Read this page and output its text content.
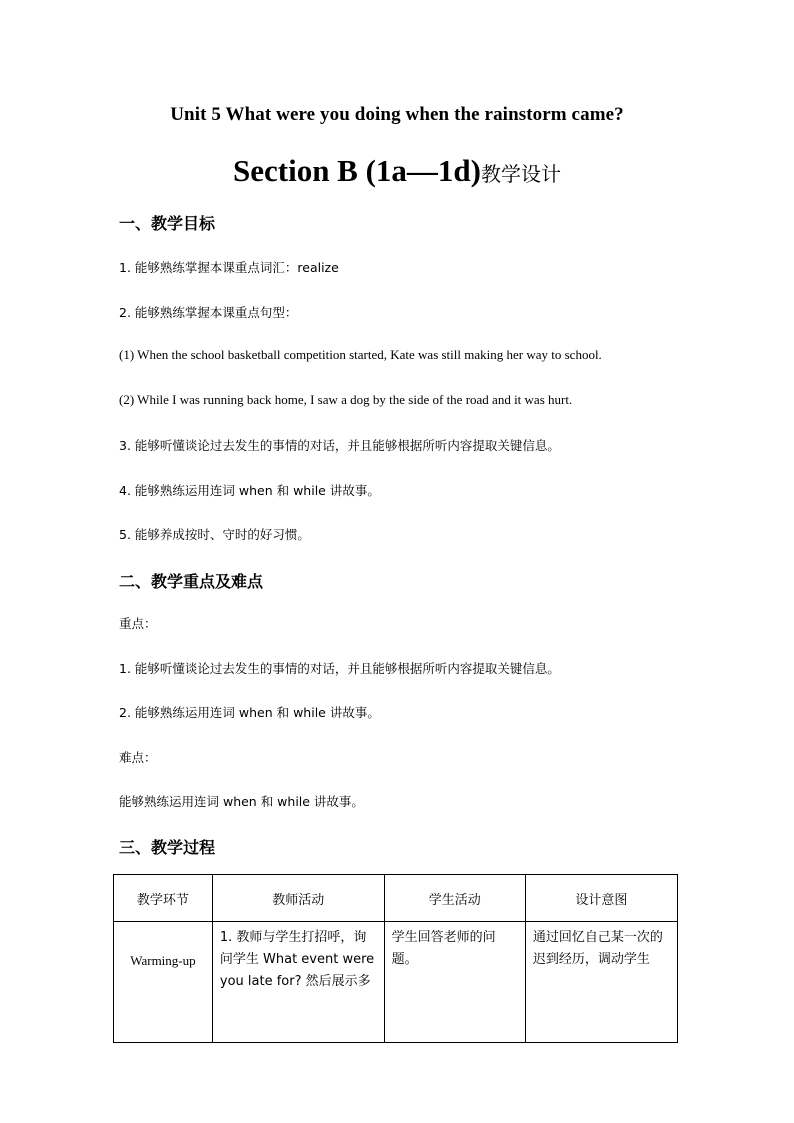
Unit 5 What were you doing when the rainstorm came?
Section B (1a—1d)教学设计
一、教学目标
1. 能够熟练掌握本课重点词汇：realize
2. 能够熟练掌握本课重点句型：
(1) When the school basketball competition started, Kate was still making her way to school.
(2) While I was running back home, I saw a dog by the side of the road and it was hurt.
3. 能够听懂谈论过去发生的事情的对话，并且能够根据所听内容提取关键信息。
4. 能够熟练运用连词 when 和 while 讲故事。
5. 能够养成按时、守时的好习惯。
二、教学重点及难点
重点：
1. 能够听懂谈论过去发生的事情的对话，并且能够根据所听内容提取关键信息。
2. 能够熟练运用连词 when 和 while 讲故事。
难点：
能够熟练运用连词 when 和 while 讲故事。
三、教学过程
教学环节	教师活动	学生活动	设计意图
Warming-up	1. 教师与学生打招呼，询问学生 What event were you late for? 然后展示多	学生回答老师的问题。	通过回忆自己某一次的迟到经历，调动学生
